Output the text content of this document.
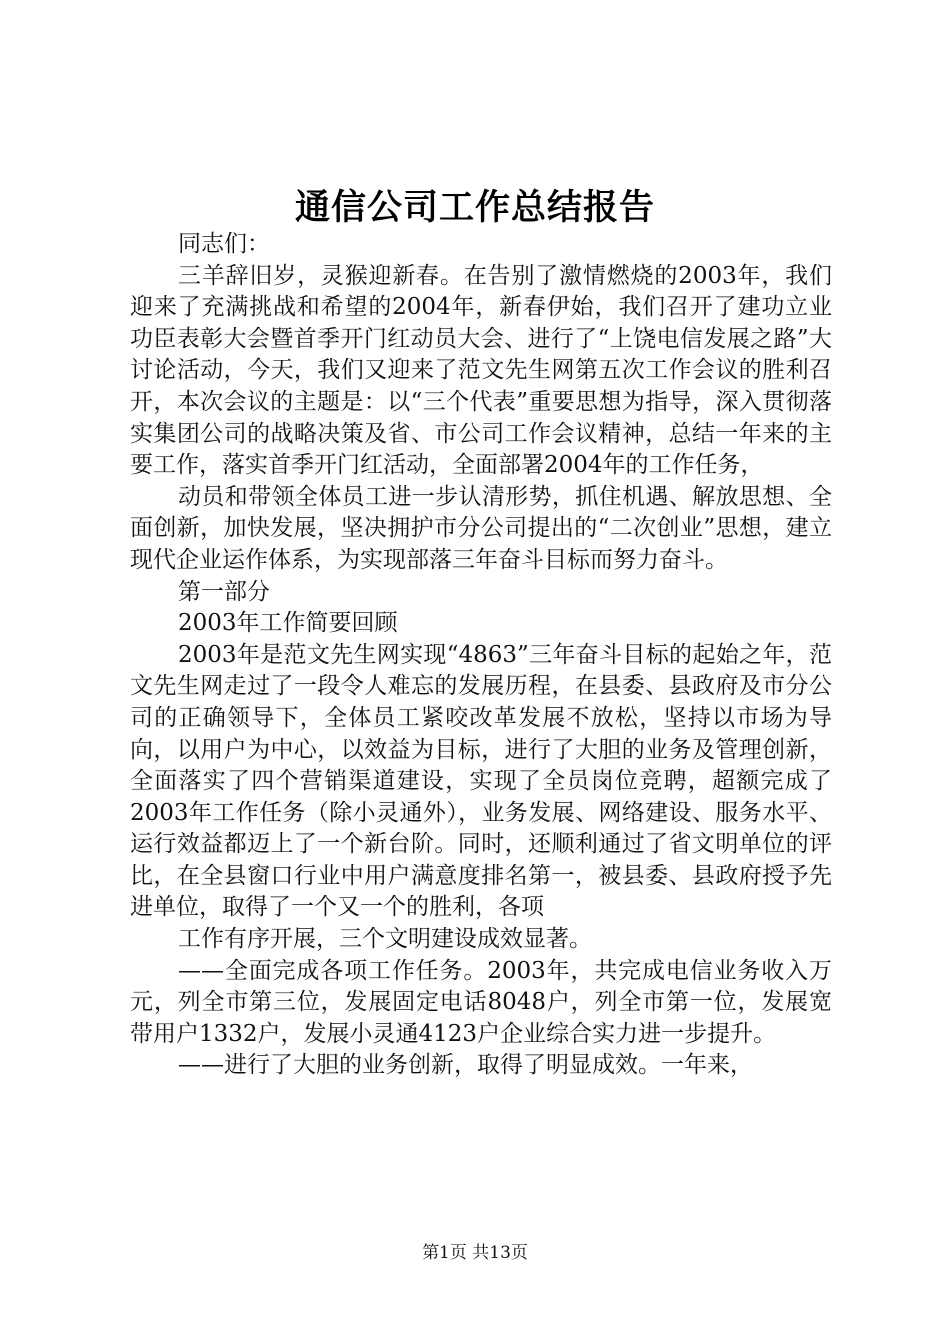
通信公司工作总结报告

同志们：

三羊辞旧岁，灵猴迎新春。在告别了激情燃烧的2003年，我们迎来了充满挑战和希望的2004年，新春伊始，我们召开了建功立业功臣表彰大会暨首季开门红动员大会、进行了“上饶电信发展之路”大讨论活动，今天，我们又迎来了范文先生网第五次工作会议的胜利召开，本次会议的主题是：以“三个代表”重要思想为指导，深入贯彻落实集团公司的战略决策及省、市公司工作会议精神，总结一年来的主要工作，落实首季开门红活动，全面部署2004年的工作任务，

动员和带领全体员工进一步认清形势，抓住机遇、解放思想、全面创新，加快发展，坚决拥护市分公司提出的“二次创业”思想，建立现代企业运作体系，为实现部落三年奋斗目标而努力奋斗。

第一部分

2003年工作简要回顾

2003年是范文先生网实现“4863”三年奋斗目标的起始之年，范文先生网走过了一段令人难忘的发展历程，在县委、县政府及市分公司的正确领导下，全体员工紧咬改革发展不放松，坚持以市场为导向，以用户为中心，以效益为目标，进行了大胆的业务及管理创新，全面落实了四个营销渠道建设，实现了全员岗位竞聘，超额完成了2003年工作任务（除小灵通外），业务发展、网络建设、服务水平、运行效益都迈上了一个新台阶。同时，还顺利通过了省文明单位的评比，在全县窗口行业中用户满意度排名第一，被县委、县政府授予先进单位，取得了一个又一个的胜利，各项

工作有序开展，三个文明建设成效显著。

——全面完成各项工作任务。2003年，共完成电信业务收入万元，列全市第三位，发展固定电话8048户，列全市第一位，发展宽带用户1332户，发展小灵通4123户企业综合实力进一步提升。

——进行了大胆的业务创新，取得了明显成效。一年来，

第1页 共13页
